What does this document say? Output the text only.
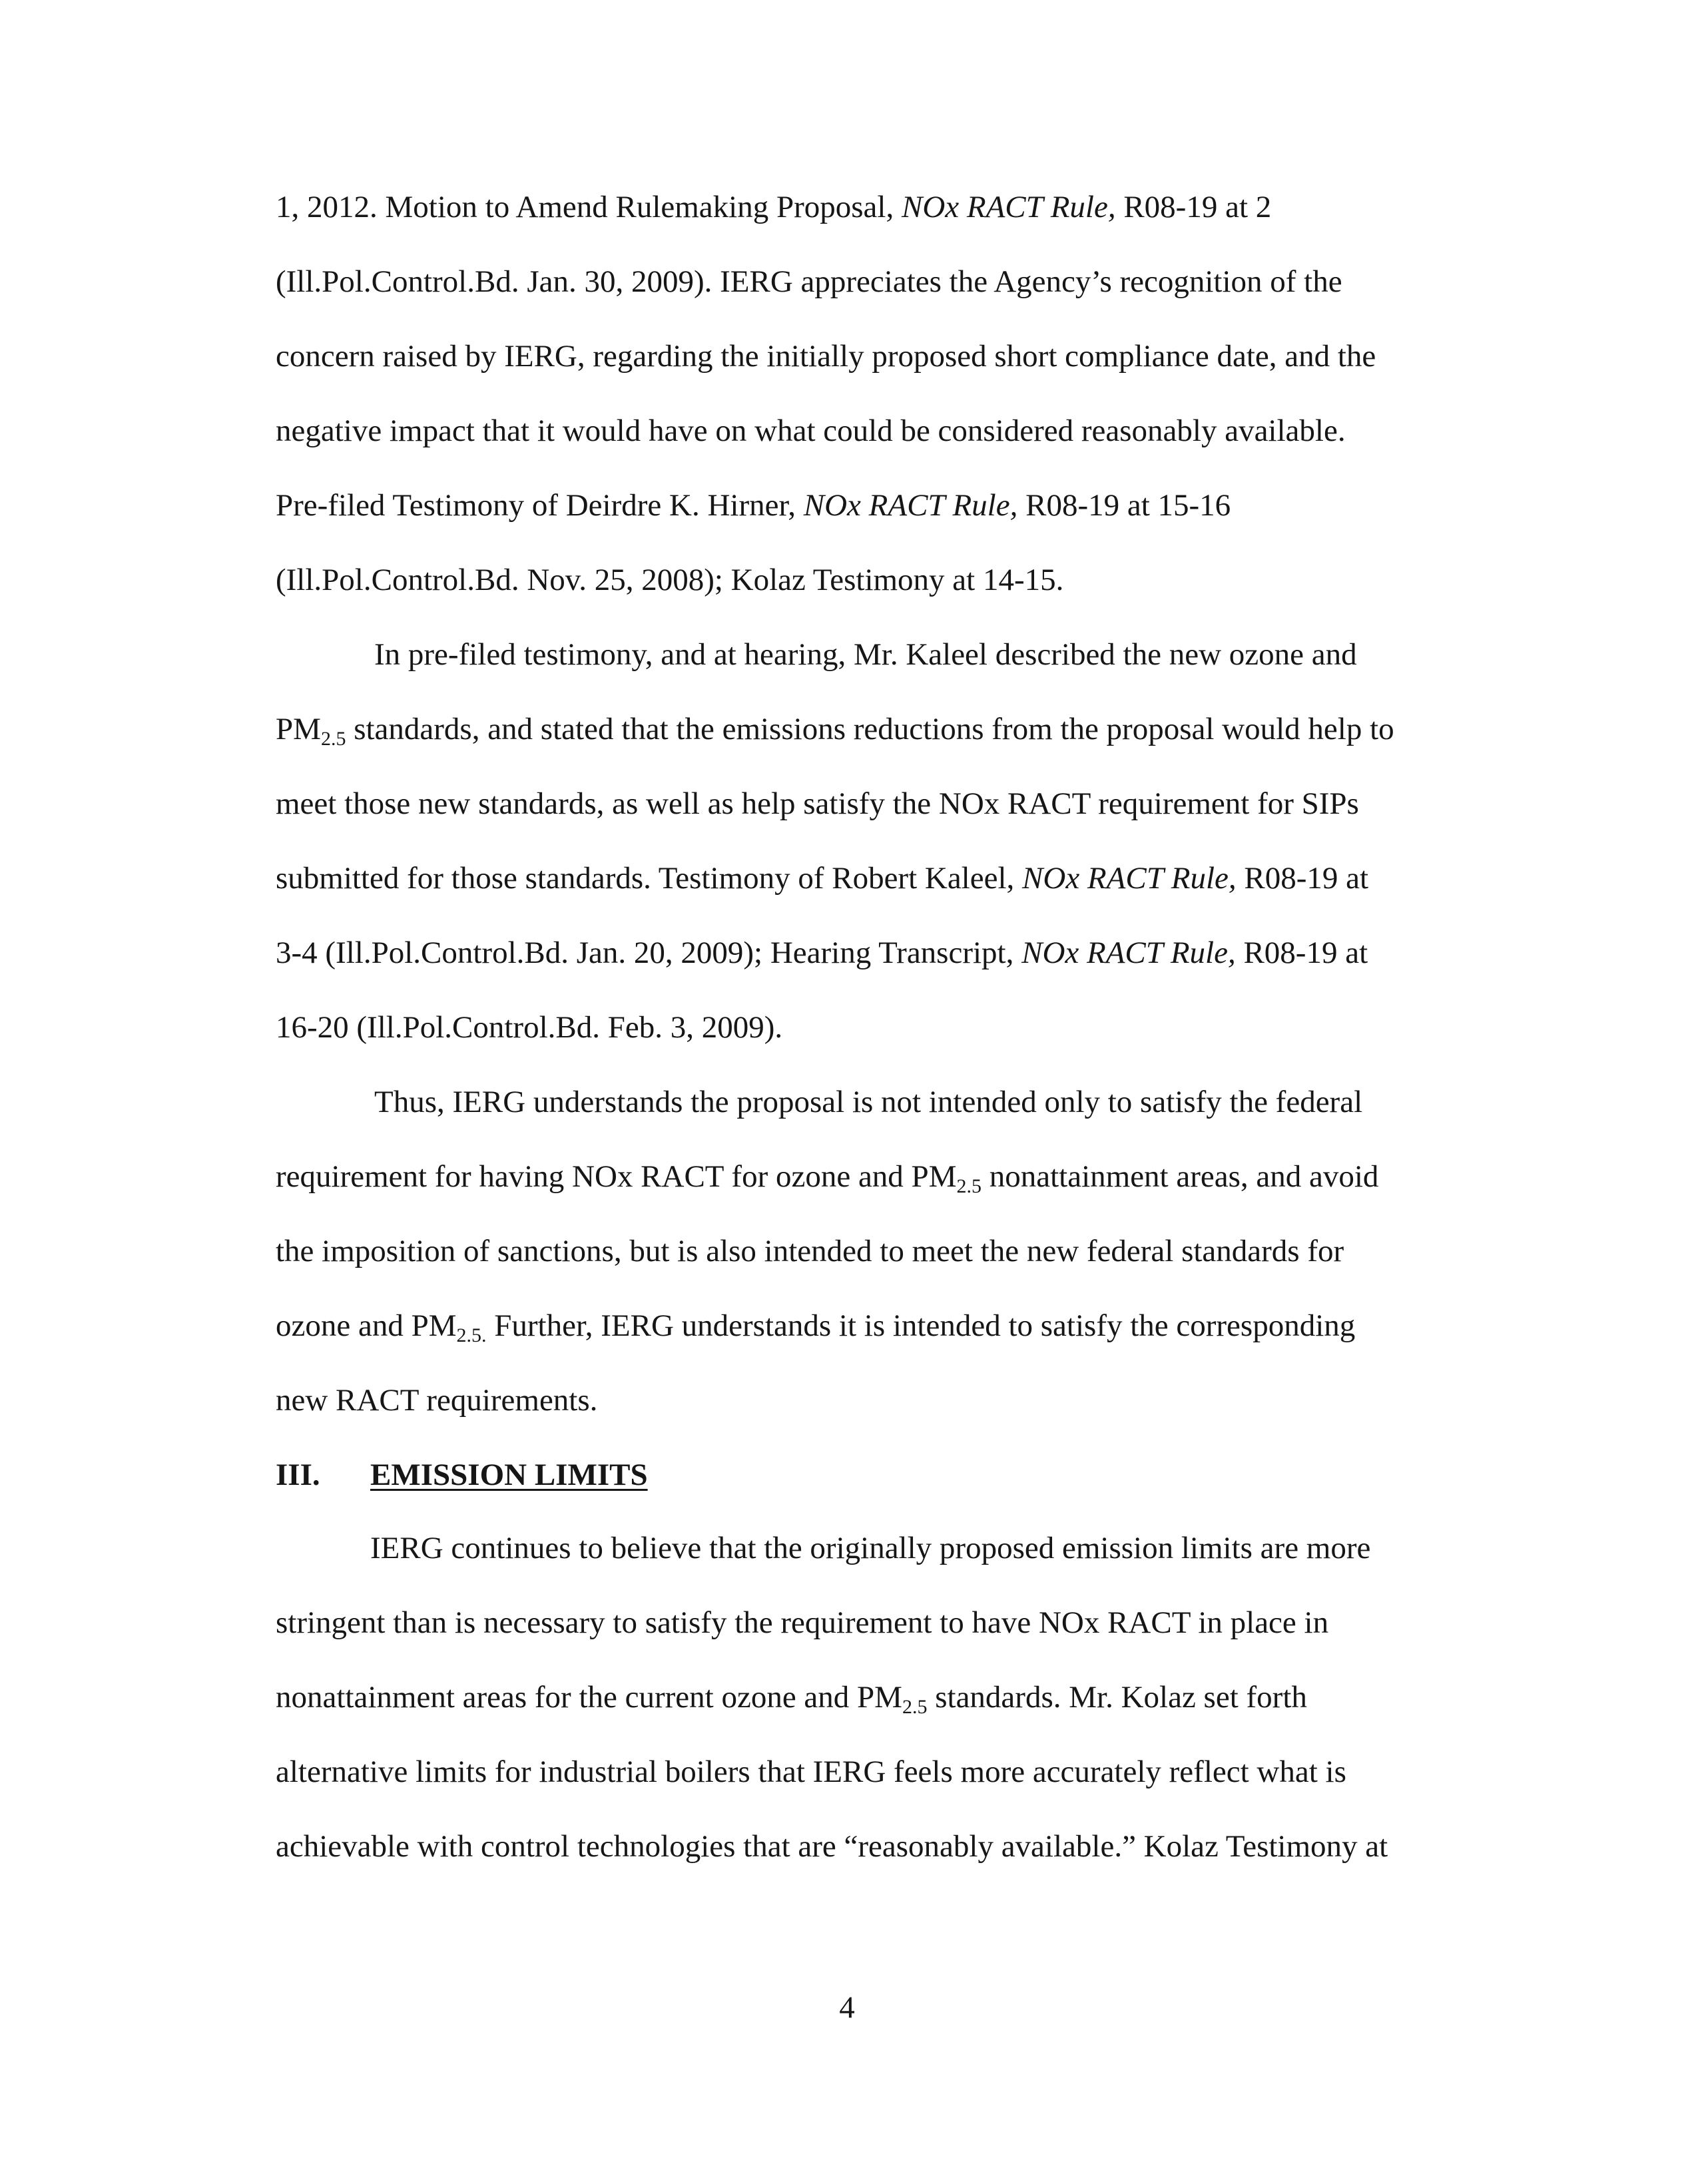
1, 2012. Motion to Amend Rulemaking Proposal, NOx RACT Rule, R08-19 at 2
(Ill.Pol.Control.Bd. Jan. 30, 2009). IERG appreciates the Agency’s recognition of the
concern raised by IERG, regarding the initially proposed short compliance date, and the
negative impact that it would have on what could be considered reasonably available.
Pre-filed Testimony of Deirdre K. Hirner, NOx RACT Rule, R08-19 at 15-16
(Ill.Pol.Control.Bd. Nov. 25, 2008); Kolaz Testimony at 14-15.
In pre-filed testimony, and at hearing, Mr. Kaleel described the new ozone and
$PM_{2.5}$ standards, and stated that the emissions reductions from the proposal would help to
meet those new standards, as well as help satisfy the NOx RACT requirement for SIPs
submitted for those standards. Testimony of Robert Kaleel, NOx RACT Rule, R08-19 at
3-4 (Ill.Pol.Control.Bd. Jan. 20, 2009); Hearing Transcript, NOx RACT Rule, R08-19 at
16-20 (Ill.Pol.Control.Bd. Feb. 3, 2009).
Thus, IERG understands the proposal is not intended only to satisfy the federal
requirement for having NOx RACT for ozone and $PM_{2.5}$ nonattainment areas, and avoid
the imposition of sanctions, but is also intended to meet the new federal standards for
ozone and $PM_{2.5.}$ Further, IERG understands it is intended to satisfy the corresponding
new RACT requirements.
III. EMISSION LIMITS
IERG continues to believe that the originally proposed emission limits are more
stringent than is necessary to satisfy the requirement to have NOx RACT in place in
nonattainment areas for the current ozone and $PM_{2.5}$ standards. Mr. Kolaz set forth
alternative limits for industrial boilers that IERG feels more accurately reflect what is
achievable with control technologies that are “reasonably available.” Kolaz Testimony at
4
